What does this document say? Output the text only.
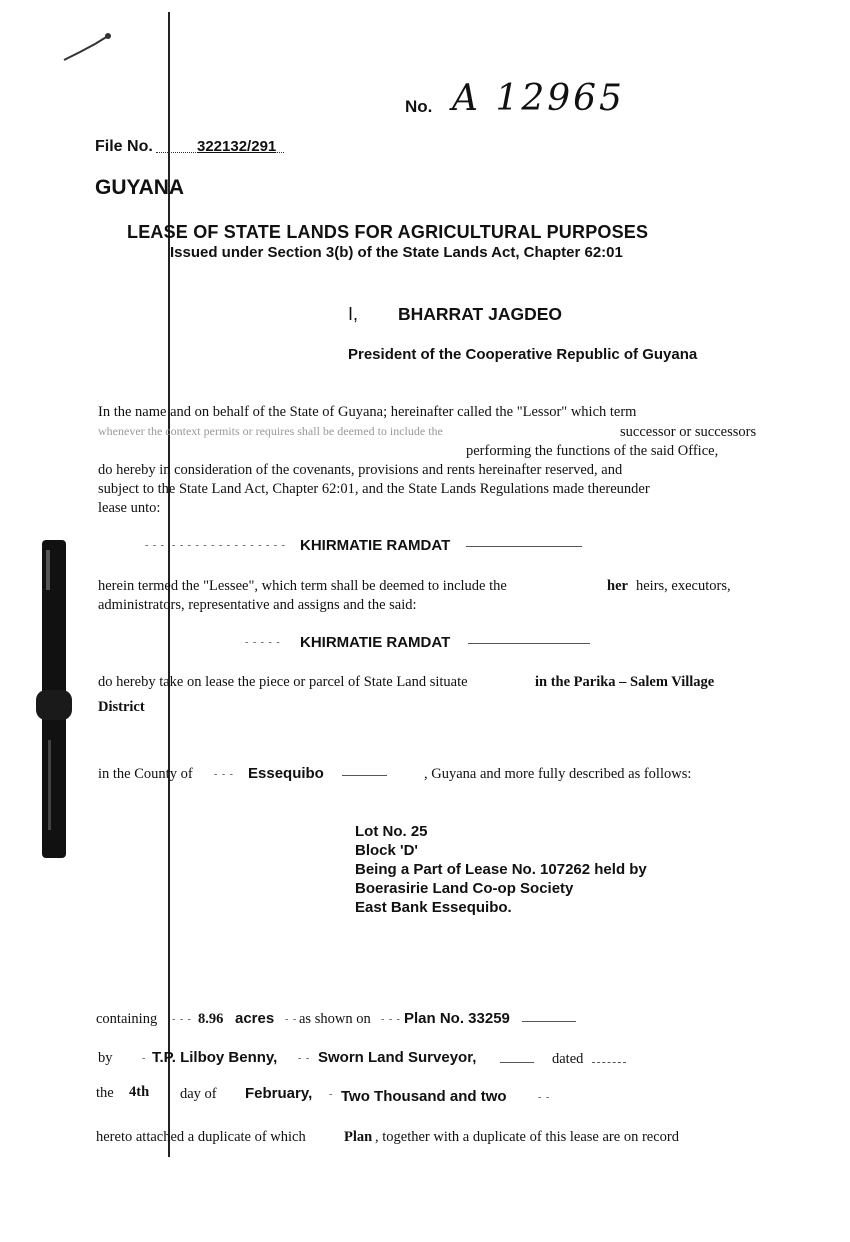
No. A 12965
File No.	322132/291
GUYANA
LEASE OF STATE LANDS FOR AGRICULTURAL PURPOSES
Issued under Section 3(b) of the State Lands Act, Chapter 62:01
I, BHARRAT JAGDEO
President of the Cooperative Republic of Guyana
In the name and on behalf of the State of Guyana; hereinafter called the "Lessor" which term
whenever the context permits or requires shall be deemed to include the	successor or successors
performing the functions of the said Office,
do hereby in consideration of the covenants, provisions and rents hereinafter reserved, and
subject to the State Land Act, Chapter 62:01, and the State Lands Regulations made thereunder
lease unto:
- - -  - - - - - - - - - - - - - - - KHIRMATIE RAMDAT
herein termed the "Lessee", which term shall be deemed to include the	her heirs, executors,
administrators, representative and assigns and the said:
- - - - - KHIRMATIE RAMDAT
do hereby take on lease the piece or parcel of State Land situate	in the Parika – Salem Village
District
in the County of - - - Essequibo	, Guyana and more fully described as follows:
Lot No. 25
Block 'D'
Being a Part of Lease No. 107262 held by
Boerasirie Land Co-op Society
East Bank Essequibo.
containing - - - 8.96 acres - - as shown on - - - Plan No. 33259
by	- T.P. Lilboy Benny, - - Sworn Land Surveyor,	dated
the 4th day of February, - Two Thousand and two	- -
hereto attached a duplicate of which	Plan , together with a duplicate of this lease are on record
